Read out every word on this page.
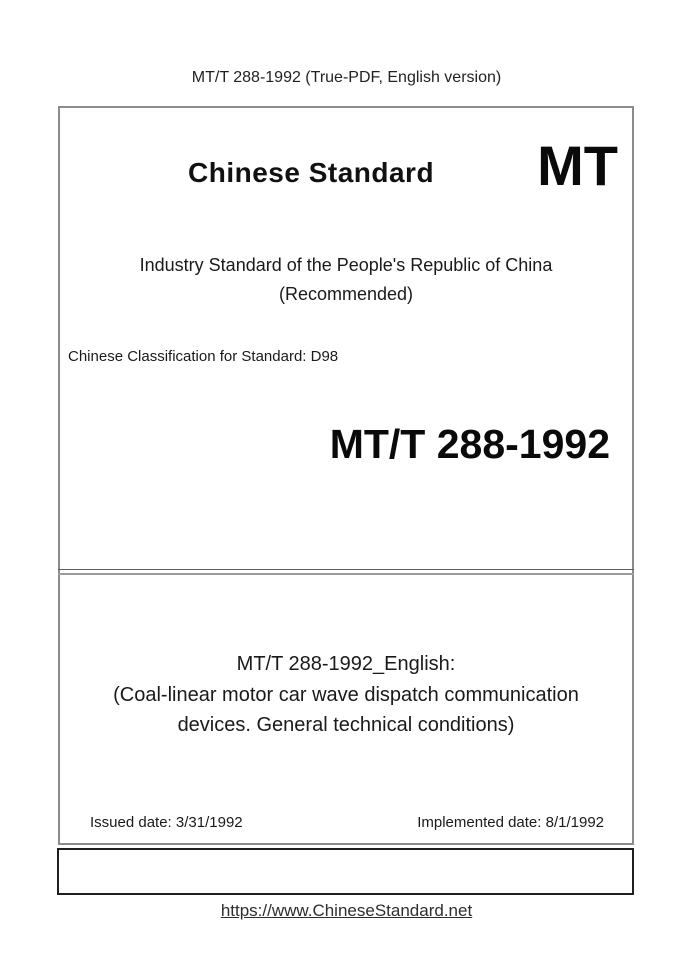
MT/T 288-1992 (True-PDF, English version)
Chinese Standard MT
Industry Standard of the People's Republic of China
(Recommended)
Chinese Classification for Standard: D98
MT/T 288-1992
MT/T 288-1992_English:
(Coal-linear motor car wave dispatch communication
devices. General technical conditions)
Issued date: 3/31/1992	Implemented date: 8/1/1992
https://www.ChineseStandard.net
